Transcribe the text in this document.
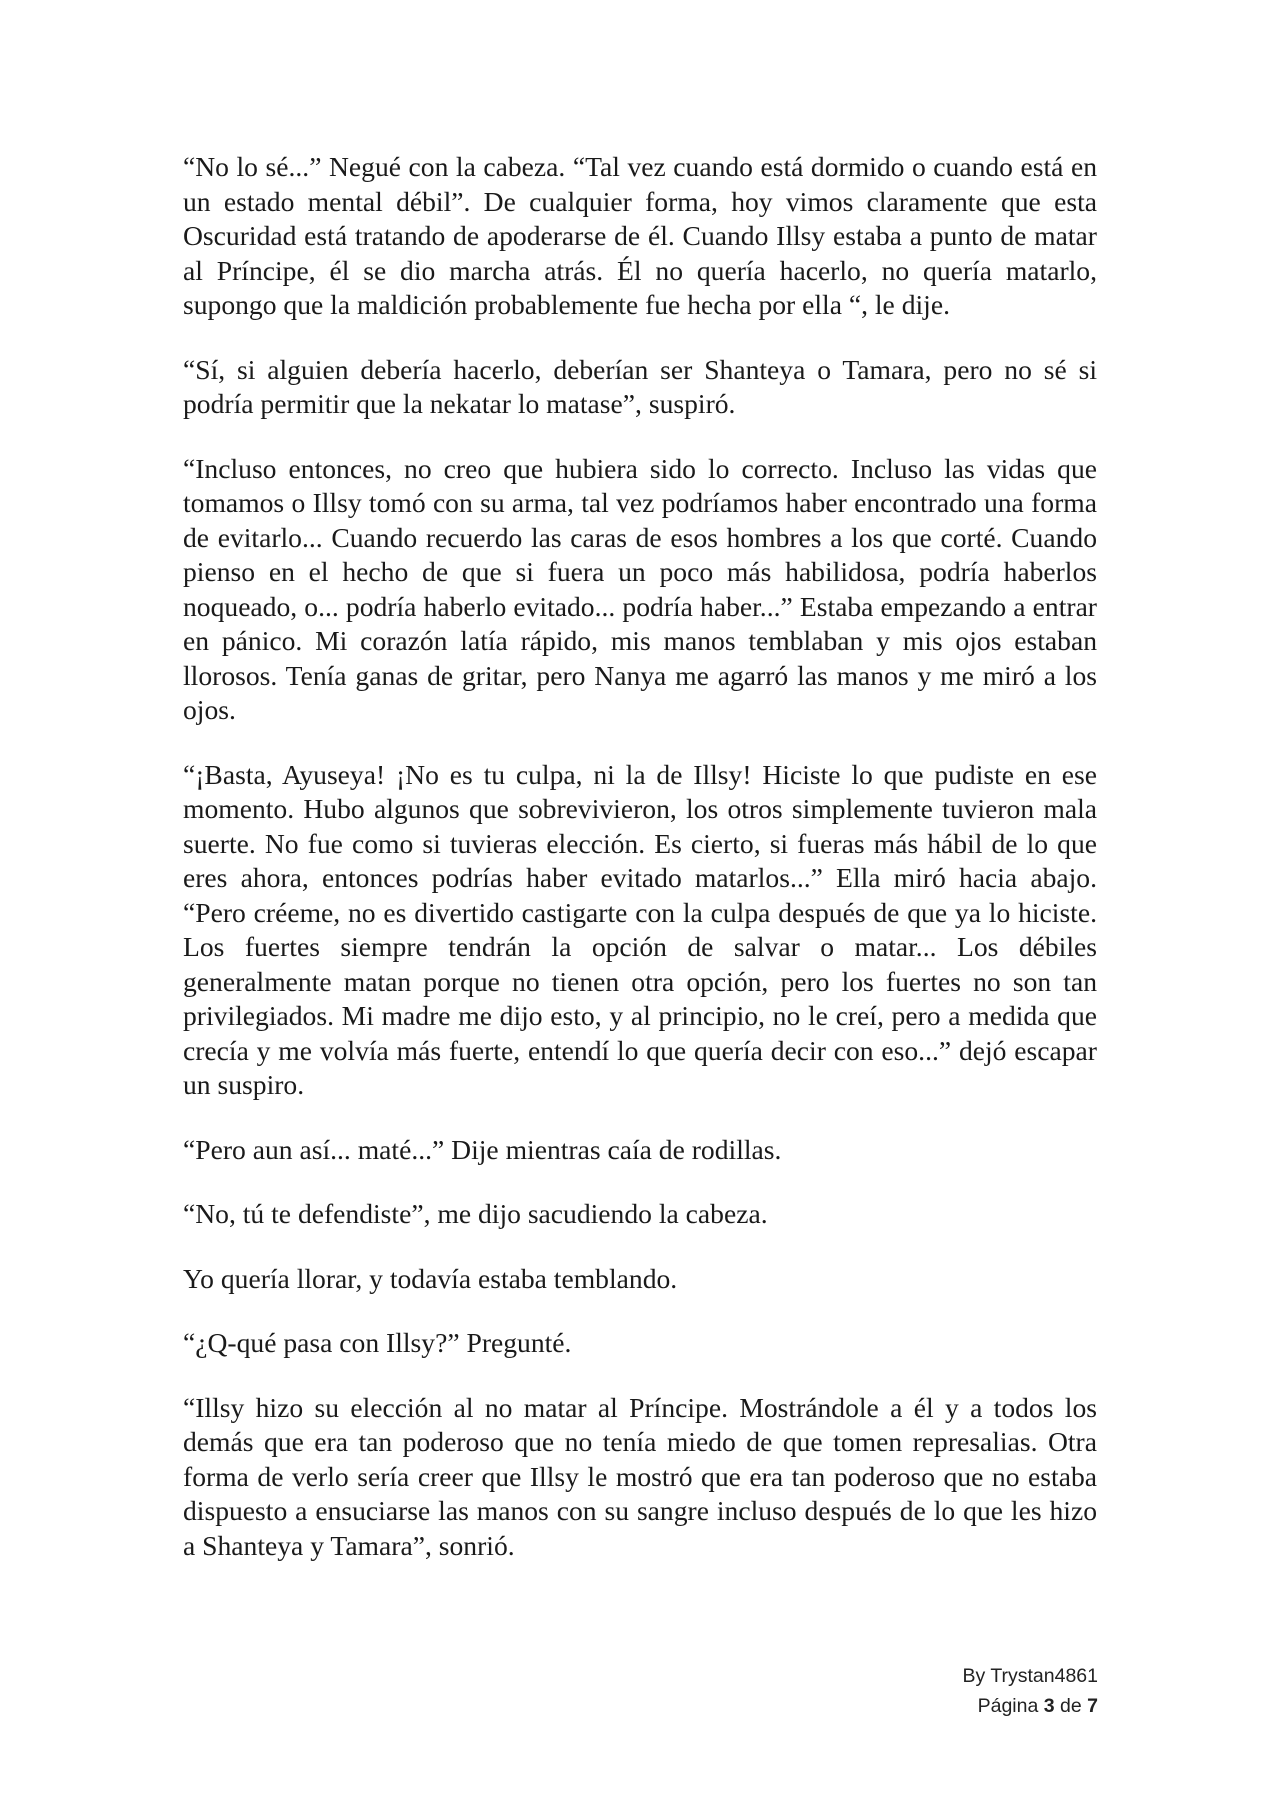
“No lo sé...” Negué con la cabeza. “Tal vez cuando está dormido o cuando está en un estado mental débil”. De cualquier forma, hoy vimos claramente que esta Oscuridad está tratando de apoderarse de él. Cuando Illsy estaba a punto de matar al Príncipe, él se dio marcha atrás. Él no quería hacerlo, no quería matarlo, supongo que la maldición probablemente fue hecha por ella “, le dije.

“Sí, si alguien debería hacerlo, deberían ser Shanteya o Tamara, pero no sé si podría permitir que la nekatar lo matase”, suspiró.

“Incluso entonces, no creo que hubiera sido lo correcto. Incluso las vidas que tomamos o Illsy tomó con su arma, tal vez podríamos haber encontrado una forma de evitarlo... Cuando recuerdo las caras de esos hombres a los que corté. Cuando pienso en el hecho de que si fuera un poco más habilidosa, podría haberlos noqueado, o... podría haberlo evitado... podría haber...” Estaba empezando a entrar en pánico. Mi corazón latía rápido, mis manos temblaban y mis ojos estaban llorosos. Tenía ganas de gritar, pero Nanya me agarró las manos y me miró a los ojos.

“¡Basta, Ayuseya! ¡No es tu culpa, ni la de Illsy! Hiciste lo que pudiste en ese momento. Hubo algunos que sobrevivieron, los otros simplemente tuvieron mala suerte. No fue como si tuvieras elección. Es cierto, si fueras más hábil de lo que eres ahora, entonces podrías haber evitado matarlos...” Ella miró hacia abajo. “Pero créeme, no es divertido castigarte con la culpa después de que ya lo hiciste. Los fuertes siempre tendrán la opción de salvar o matar... Los débiles generalmente matan porque no tienen otra opción, pero los fuertes no son tan privilegiados. Mi madre me dijo esto, y al principio, no le creí, pero a medida que crecía y me volvía más fuerte, entendí lo que quería decir con eso...” dejó escapar un suspiro.

“Pero aun así... maté...” Dije mientras caía de rodillas.

“No, tú te defendiste”, me dijo sacudiendo la cabeza.

Yo quería llorar, y todavía estaba temblando.

“¿Q-qué pasa con Illsy?” Pregunté.

“Illsy hizo su elección al no matar al Príncipe. Mostrándole a él y a todos los demás que era tan poderoso que no tenía miedo de que tomen represalias. Otra forma de verlo sería creer que Illsy le mostró que era tan poderoso que no estaba dispuesto a ensuciarse las manos con su sangre incluso después de lo que les hizo a Shanteya y Tamara”, sonrió.

By Trystan4861
Página 3 de 7
